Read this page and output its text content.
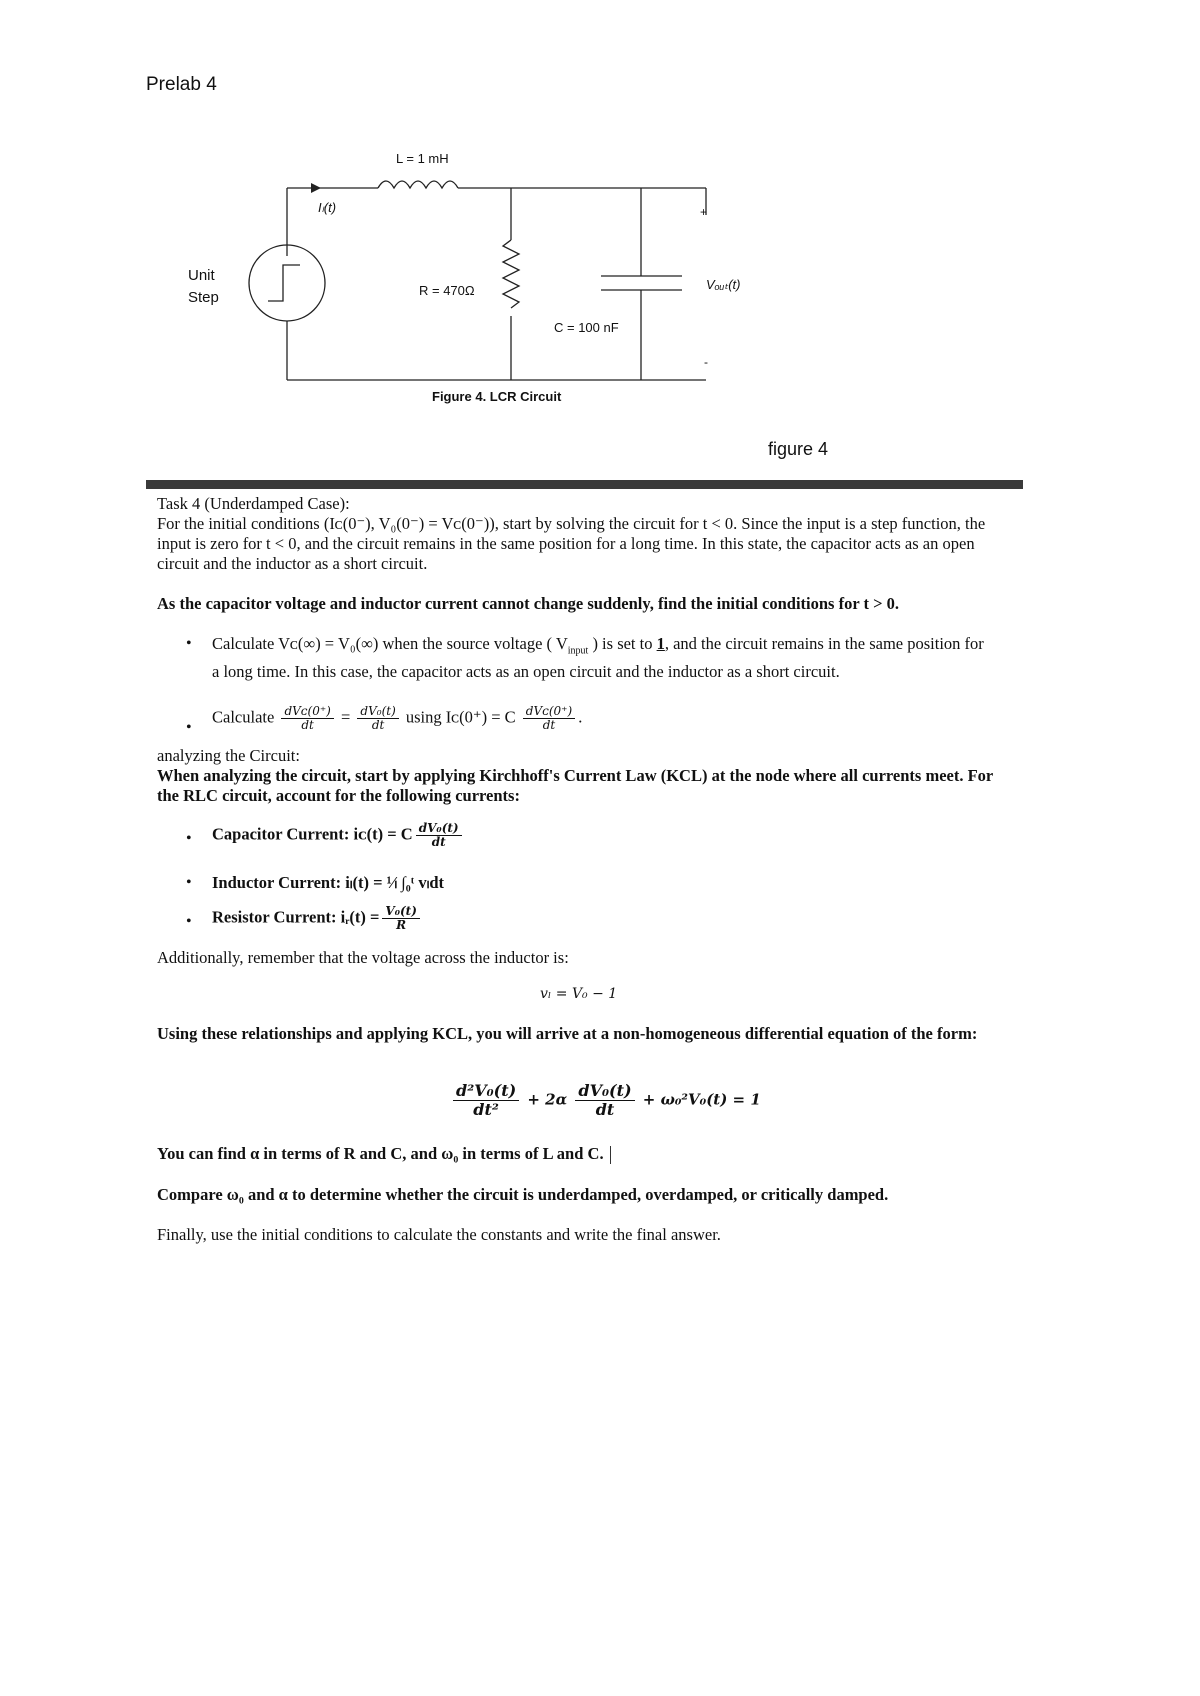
Prelab 4
L = 1 mH
Iₗ(t)
Unit
Step	R = 470Ω
C = 100 nF
+
-
Vₒᵤₜ(t)
Figure 4. LCR Circuit
figure 4
Task 4 (Underdamped Case):
For the initial conditions (Iᴄ(0⁻), V₀(0⁻) = Vᴄ(0⁻)), start by solving the circuit for t < 0. Since the input is a step function, the input is zero for t < 0, and the circuit remains in the same position for a long time. In this state, the capacitor acts as an open circuit and the inductor as a short circuit.
As the capacitor voltage and inductor current cannot change suddenly, find the initial conditions for t > 0.
• Calculate Vᴄ(∞) = V₀(∞) when the source voltage ( $V_{input}$ ) is set to 1, and the circuit remains in the same position for a long time. In this case, the capacitor acts as an open circuit and the inductor as a short circuit.
•
Calculate $\frac{\text{dVᴄ(0⁺)}}{dt} = \frac{\text{dV₀(t)}}{dt}$ using Iᴄ(0⁺) = C $\frac{\text{dVᴄ(0⁺)}}{dt}$ .
analyzing the Circuit:
When analyzing the circuit, start by applying Kirchhoff's Current Law (KCL) at the node where all currents meet. For the RLC circuit, account for the following currents:
• Capacitor Current: iᴄ(t) = C $\frac{\text{dV₀(t)}}{dt}$
• Inductor Current: iₗ(t) = ¹⁄ₗ ∫₀ᵗ vₗdt
• Resistor Current: iᵣ(t) = $\frac{\text{V₀(t)}}{R}$
Additionally, remember that the voltage across the inductor is:
vₗ = V₀ − 1
Using these relationships and applying KCL, you will arrive at a non-homogeneous differential equation of the form:
$\frac{\text{d²V₀(t)}}{\text{dt²}} + 2\alpha \frac{\text{dV₀(t)}}{dt} + \omega_0^2V_0(t) = 1$
You can find α in terms of R and C, and ω₀ in terms of L and C.
Compare ω₀ and α to determine whether the circuit is underdamped, overdamped, or critically damped.
Finally, use the initial conditions to calculate the constants and write the final answer.
